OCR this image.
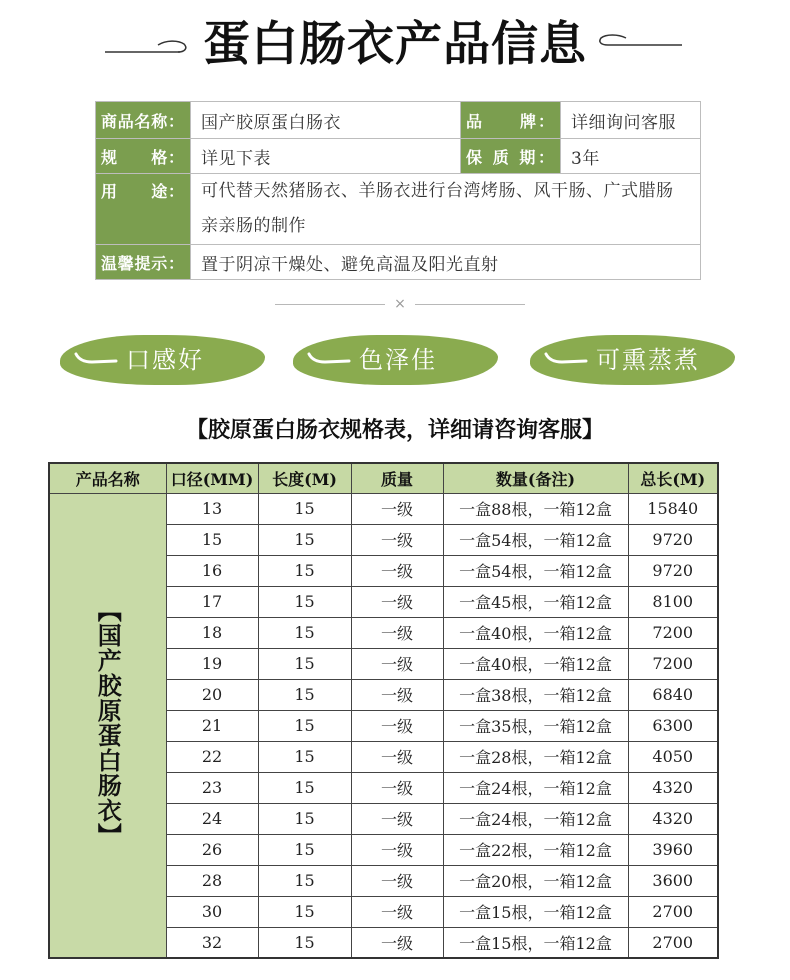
蛋白肠衣产品信息
商品名称：	国产胶原蛋白肠衣	品　　牌：	详细询问客服
规　　格：	详见下表	保 质 期：	3年
用　　途：	可代替天然猪肠衣、羊肠衣进行台湾烤肠、风干肠、广式腊肠
亲亲肠的制作		

温馨提示：	置于阴凉干燥处、避免高温及阳光直射		
×
口感好	色泽佳	可熏蒸煮
【胶原蛋白肠衣规格表，详细请咨询客服】
产品名称	口径(MM)	长度(M)	质量	数量(备注)	总长(M)
【国产胶原蛋白肠衣】	13	15	一级	一盒88根，一箱12盒	15840
	15	15	一级	一盒54根，一箱12盒	9720
	16	15	一级	一盒54根，一箱12盒	9720
	17	15	一级	一盒45根，一箱12盒	8100
	18	15	一级	一盒40根，一箱12盒	7200
	19	15	一级	一盒40根，一箱12盒	7200
	20	15	一级	一盒38根，一箱12盒	6840
	21	15	一级	一盒35根，一箱12盒	6300
	22	15	一级	一盒28根，一箱12盒	4050
	23	15	一级	一盒24根，一箱12盒	4320
	24	15	一级	一盒24根，一箱12盒	4320
	26	15	一级	一盒22根，一箱12盒	3960
	28	15	一级	一盒20根，一箱12盒	3600
	30	15	一级	一盒15根，一箱12盒	2700
	32	15	一级	一盒15根，一箱12盒	2700
